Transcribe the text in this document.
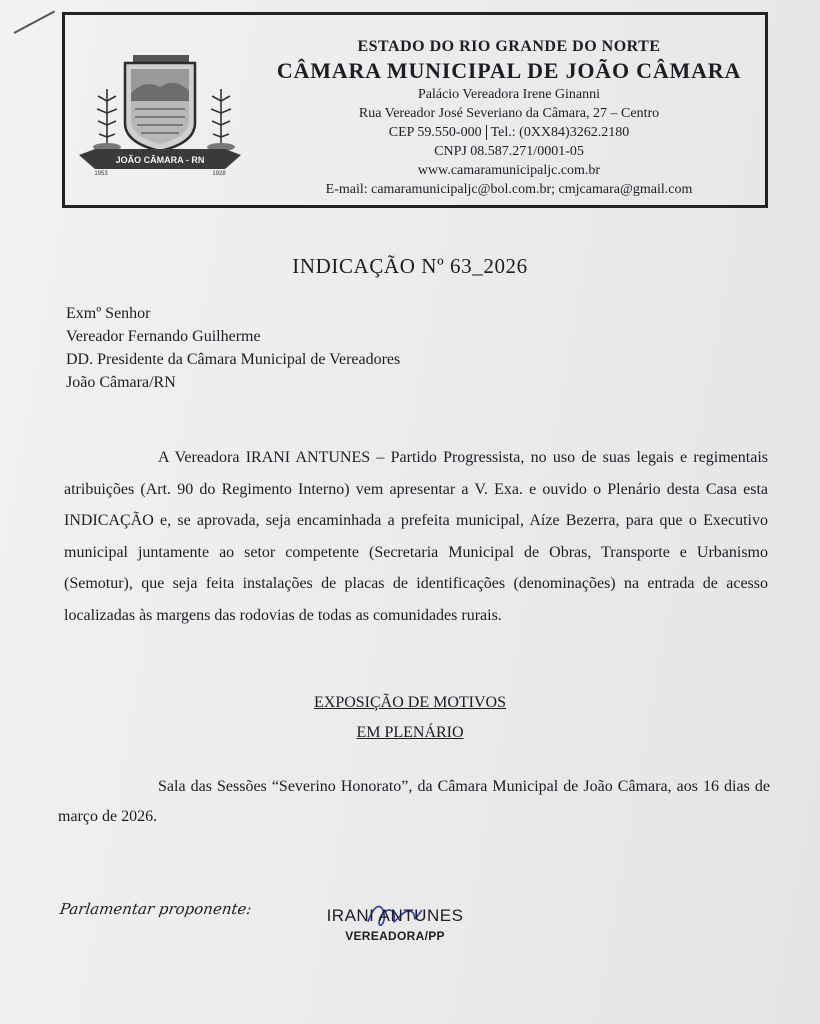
JOÃO CÂMARA - RN
1953	1928

ESTADO DO RIO GRANDE DO NORTE

CÂMARA MUNICIPAL DE JOÃO CÂMARA

Palácio Vereadora Irene Ginanni

Rua Vereador José Severiano da Câmara, 27 – Centro

CEP 59.550-000 Tel.: (0XX84)3262.2180

CNPJ 08.587.271/0001-05

www.camaramunicipaljc.com.br

E-mail: camaramunicipaljc@bol.com.br; cmjcamara@gmail.com

INDICAÇÃO Nº 63_2026
Exmº Senhor
Vereador Fernando Guilherme
DD. Presidente da Câmara Municipal de Vereadores
João Câmara/RN

A Vereadora IRANI ANTUNES – Partido Progressista, no uso de suas legais e regimentais atribuições (Art. 90 do Regimento Interno) vem apresentar a V. Exa. e ouvido o Plenário desta Casa esta INDICAÇÃO e, se aprovada, seja encaminhada a prefeita municipal, Aíze Bezerra, para que o Executivo municipal juntamente ao setor competente (Secretaria Municipal de Obras, Transporte e Urbanismo (Semotur), que seja feita instalações de placas de identificações (denominações) na entrada de acesso localizadas às margens das rodovias de todas as comunidades rurais.

EXPOSIÇÃO DE MOTIVOS
EM PLENÁRIO

Sala das Sessões “Severino Honorato”, da Câmara Municipal de João Câmara, aos 16 dias de março de 2026.

Parlamentar proponente:	IRANI ANTUNES
VEREADORA/PP
